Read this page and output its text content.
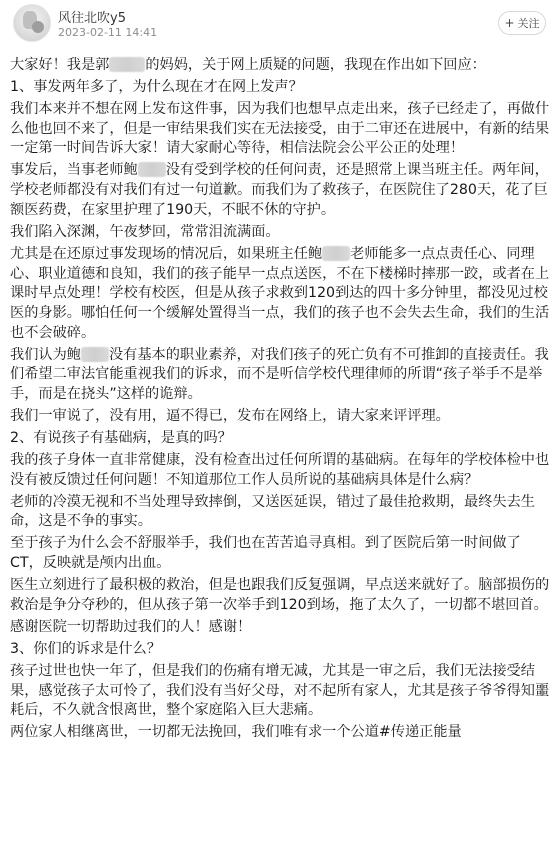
风往北吹y5
2023-02-11 14:41
+ 关注

大家好！我是郭	的妈妈，关于网上质疑的问题，我现在作出如下回应：

1、事发两年多了，为什么现在才在网上发声？

我们本来并不想在网上发布这件事，因为我们也想早点走出来，孩子已经走了，再做什么他也回不来了，但是一审结果我们实在无法接受，由于二审还在进展中，有新的结果一定第一时间告诉大家！请大家耐心等待，相信法院会公平公正的处理！

事发后，当事老师鲍 没有受到学校的任何问责，还是照常上课当班主任。两年间，学校老师都没有对我们有过一句道歉。而我们为了救孩子，在医院住了280天，花了巨额医药费，在家里护理了190天，不眠不休的守护。

我们陷入深渊，午夜梦回，常常泪流满面。

尤其是在还原过事发现场的情况后，如果班主任鲍 老师能多一点点责任心、同理心、职业道德和良知，我们的孩子能早一点点送医，不在下楼梯时摔那一跤，或者在上课时早点处理！学校有校医，但是从孩子求救到120到达的四十多分钟里，都没见过校医的身影。哪怕任何一个缓解处置得当一点，我们的孩子也不会失去生命，我们的生活也不会破碎。

我们认为鲍 没有基本的职业素养，对我们孩子的死亡负有不可推卸的直接责任。我们希望二审法官能重视我们的诉求，而不是听信学校代理律师的所谓“孩子举手不是举手，而是在挠头”这样的诡辩。

我们一审说了，没有用，逼不得已，发布在网络上，请大家来评评理。

2、有说孩子有基础病，是真的吗？

我的孩子身体一直非常健康，没有检查出过任何所谓的基础病。在每年的学校体检中也没有被反馈过任何问题！不知道那位工作人员所说的基础病具体是什么病？

老师的冷漠无视和不当处理导致摔倒，又送医延误，错过了最佳抢救期，最终失去生命，这是不争的事实。

至于孩子为什么会不舒服举手，我们也在苦苦追寻真相。到了医院后第一时间做了CT，反映就是颅内出血。

医生立刻进行了最积极的救治，但是也跟我们反复强调，早点送来就好了。脑部损伤的救治是争分夺秒的，但从孩子第一次举手到120到场，拖了太久了，一切都不堪回首。

感谢医院一切帮助过我们的人！感谢！

3、你们的诉求是什么？

孩子过世也快一年了，但是我们的伤痛有增无减，尤其是一审之后，我们无法接受结果，感觉孩子太可怜了，我们没有当好父母，对不起所有家人，尤其是孩子爷爷得知噩耗后，不久就含恨离世，整个家庭陷入巨大悲痛。

两位家人相继离世，一切都无法挽回，我们唯有求一个公道#传递正能量
